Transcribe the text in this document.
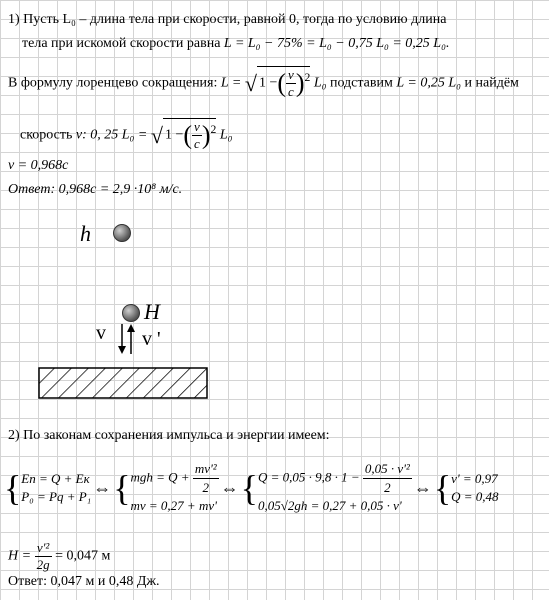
1) Пусть L₀ – длина тела при скорости, равной 0, тогда по условию длина
тела при искомой скорости равна L = L₀ − 75% = L₀ − 0,75 L₀ = 0,25 L₀.
В формулу лоренцево сокращения: L = √ 1 −( $\frac{v}{c} )^2$ L₀ подставим L = 0,25 L₀ и найдём
скорость v: 0, 25 L₀ = √ 1 −( $\frac{v}{c} )^2$ L₀
v = 0,968c
Ответ: 0,968c = 2,9 ·10⁸ м/с.
h
H
v v '
2) По законам сохранения импульса и энергии имеем:
{ Eп = Q + Eк
P₀ = Pq + P₁ ⇔{ mgh = $Q + \frac{\text{mv'²}}{2}$
mv = 0,27 + mv'
⇔{ $Q = 0,05 \cdot 9,8 \cdot 1 - \frac{\text{0,05 · v'²}}{2}$
0,05√2gh = 0,27 + 0,05 · v'
⇔{ v' = 0,97
Q = 0,48
$H = \frac{\text{v'²}}{2g} = 0,047$ м
Ответ: 0,047 м и 0,48 Дж.
